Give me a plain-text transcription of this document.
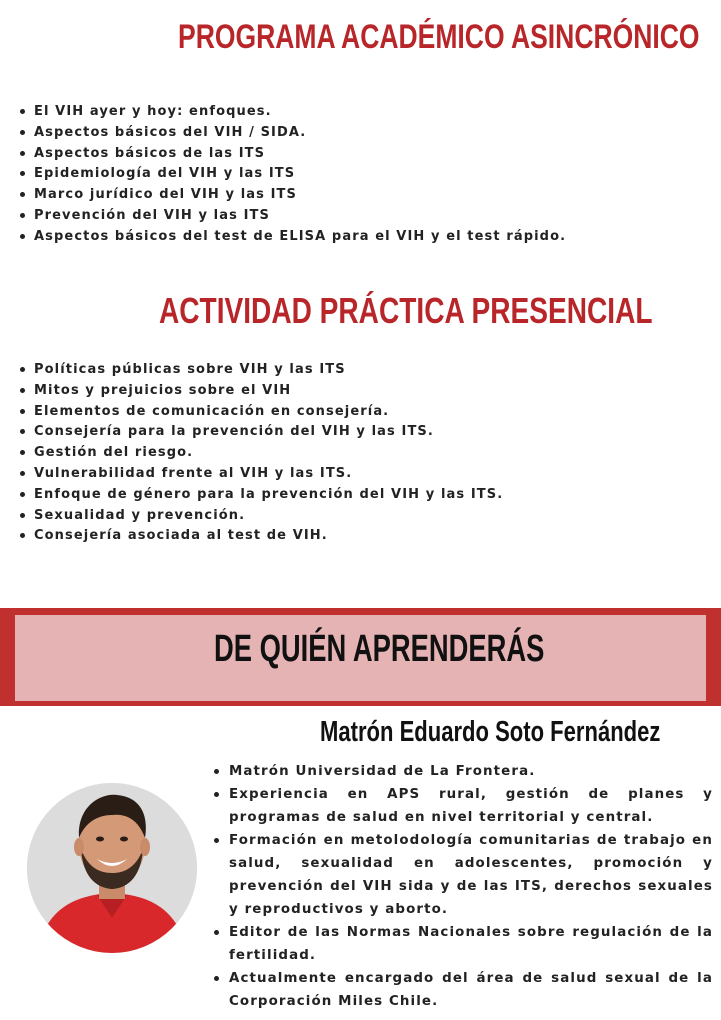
PROGRAMA ACADÉMICO ASINCRÓNICO
El VIH ayer y hoy: enfoques.
Aspectos básicos del VIH / SIDA.
Aspectos básicos de las ITS
Epidemiología del VIH y las ITS
Marco jurídico del VIH y las ITS
Prevención del VIH y las ITS
Aspectos básicos del test de ELISA para el VIH y el test rápido.
ACTIVIDAD PRÁCTICA PRESENCIAL
Políticas públicas sobre VIH y las ITS
Mitos y prejuicios sobre el VIH
Elementos de comunicación en consejería.
Consejería para la prevención del VIH y las ITS.
Gestión del riesgo.
Vulnerabilidad frente al VIH y las ITS.
Enfoque de género para la prevención del VIH y las ITS.
Sexualidad y prevención.
Consejería asociada al test de VIH.
DE QUIÉN APRENDERÁS
Matrón Eduardo Soto Fernández
Matrón Universidad de La Frontera.
Experiencia en APS rural, gestión de planes y programas de salud en nivel territorial y central.
Formación en metolodología comunitarias de trabajo en salud, sexualidad en adolescentes, promoción y prevención del VIH sida y de las ITS, derechos sexuales y reproductivos y aborto.
Editor de las Normas Nacionales sobre regulación de la fertilidad.
Actualmente encargado del área de salud sexual de la Corporación Miles Chile.
